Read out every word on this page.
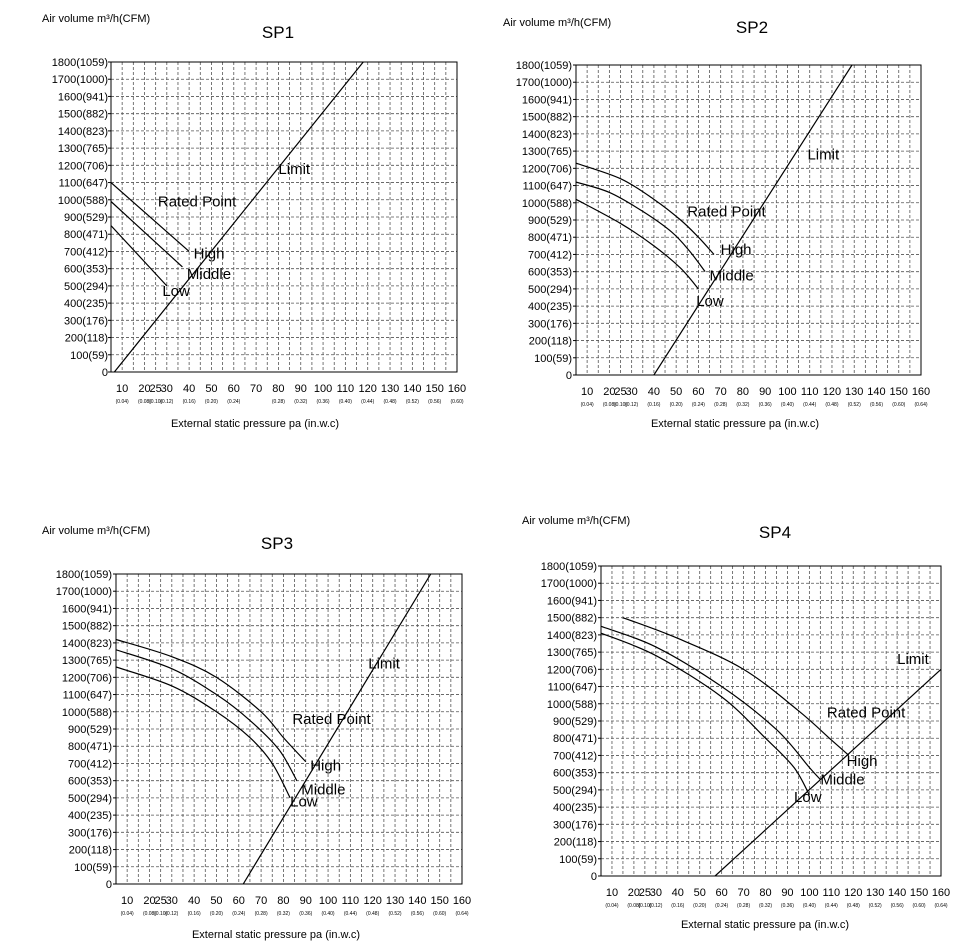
Air volume m³/h(CFM)
SP1
0
100(59)
200(118)
300(176)
400(235)
500(294)
600(353)
700(412)
800(471)
900(529)
1000(588)
1100(647)
1200(706)
1300(765)
1400(823)
1500(882)
1600(941)
1700(1000)
1800(1059)
10 20
25
30 40 50 60 70 80 90 100 110 120 130 140 150 160
(0.04) (0.08)
(0.10)
(0.12) (0.16) (0.20) (0.24)	(0.28) (0.32) (0.36) (0.40) (0.44) (0.48) (0.52) (0.56) (0.60)
External static pressure pa (in.w.c)
Rated Point
High
Middle
Low
Limit
Air volume m³/h(CFM)	SP2
0
100(59)
200(118)
300(176)
400(235)
500(294)
600(353)
700(412)
800(471)
900(529)
1000(588)
1100(647)
1200(706)
1300(765)
1400(823)
1500(882)
1600(941)
1700(1000)
1800(1059)
10 20
25
30 40 50 60 70 80 90 100 110 120 130 140 150 160
(0.04) (0.08)
(0.10)
(0.12) (0.16) (0.20) (0.24) (0.28) (0.32) (0.36) (0.40) (0.44) (0.48) (0.52) (0.56) (0.60) (0.64)
External static pressure pa (in.w.c)
Rated Point
High
Middle
Low
Limit
Air volume m³/h(CFM)
SP3
0
100(59)
200(118)
300(176)
400(235)
500(294)
600(353)
700(412)
800(471)
900(529)
1000(588)
1100(647)
1200(706)
1300(765)
1400(823)
1500(882)
1600(941)
1700(1000)
1800(1059)
10 20
25
30 40 50 60 70 80 90 100 110 120 130 140 150 160
(0.04) (0.08)
(0.10)
(0.12) (0.16) (0.20) (0.24) (0.28) (0.32) (0.36) (0.40) (0.44) (0.48) (0.52) (0.56) (0.60) (0.64)
External static pressure pa (in.w.c)
Rated Point
High
Middle
Low
Limit
Air volume m³/h(CFM)
SP4
0
100(59)
200(118)
300(176)
400(235)
500(294)
600(353)
700(412)
800(471)
900(529)
1000(588)
1100(647)
1200(706)
1300(765)
1400(823)
1500(882)
1600(941)
1700(1000)
1800(1059)
10 20
25
30 40 50 60 70 80 90 100 110 120 130 140 150 160
(0.04) (0.08)
(0.10)
(0.12) (0.16) (0.20) (0.24) (0.28) (0.32) (0.36) (0.40) (0.44) (0.48) (0.52) (0.56) (0.60) (0.64)
External static pressure pa (in.w.c)
Rated Point
High
Middle
Low
Limit
